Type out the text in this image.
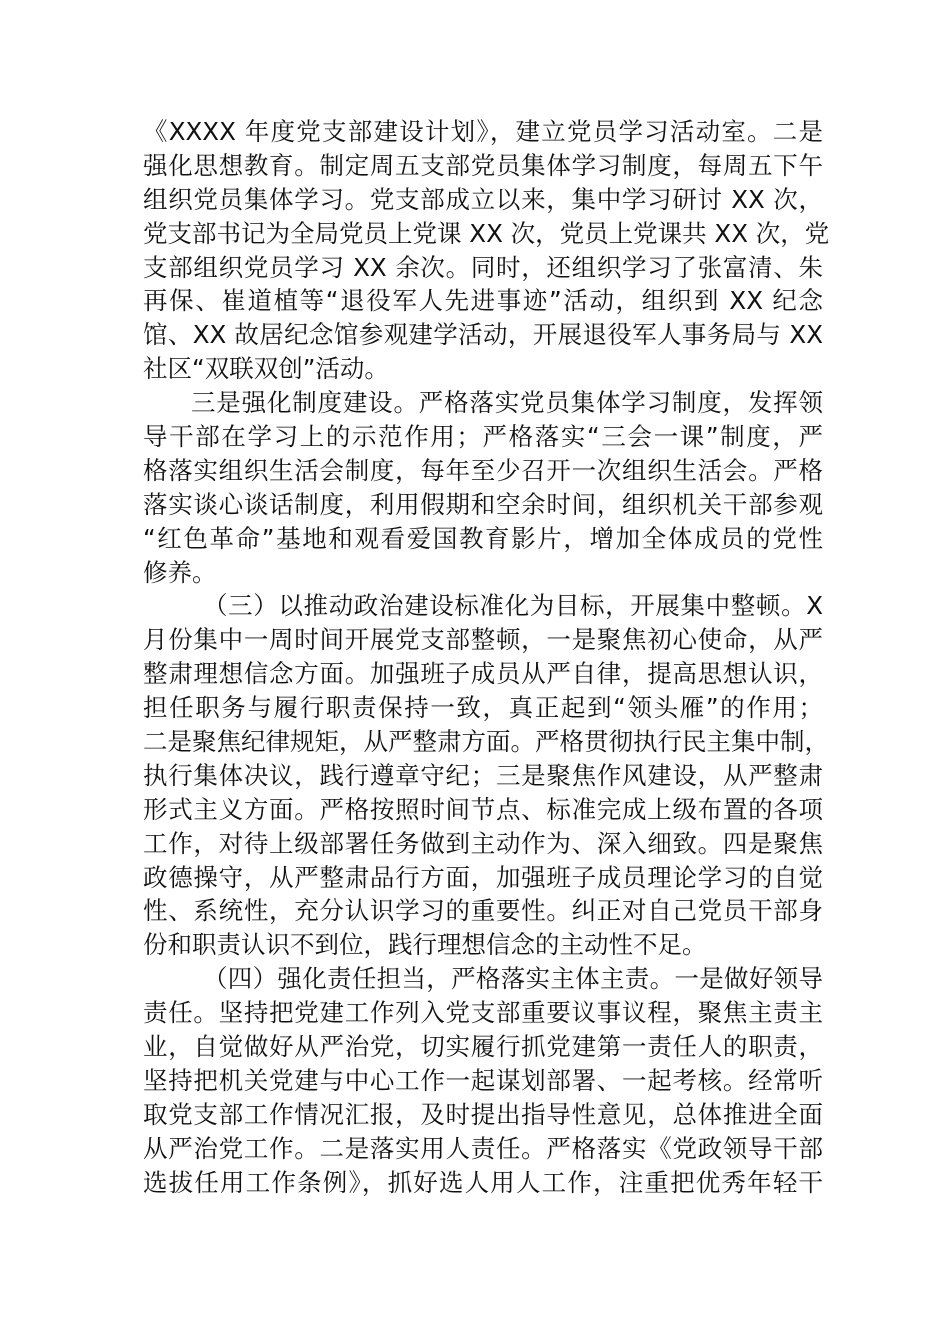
《XXXX 年度党支部建设计划》，建立党员学习活动室。二是
强化思想教育。制定周五支部党员集体学习制度，每周五下午
组织党员集体学习。党支部成立以来，集中学习研讨 XX 次，
党支部书记为全局党员上党课 XX 次，党员上党课共 XX 次，党
支部组织党员学习 XX 余次。同时，还组织学习了张富清、朱
再保、崔道植等“退役军人先进事迹”活动，组织到 XX 纪念
馆、XX 故居纪念馆参观建学活动，开展退役军人事务局与 XX
社区“双联双创”活动。
三是强化制度建设。严格落实党员集体学习制度，发挥领
导干部在学习上的示范作用；严格落实“三会一课”制度，严
格落实组织生活会制度，每年至少召开一次组织生活会。严格
落实谈心谈话制度，利用假期和空余时间，组织机关干部参观
“红色革命”基地和观看爱国教育影片，增加全体成员的党性
修养。
（三）以推动政治建设标准化为目标，开展集中整顿。X
月份集中一周时间开展党支部整顿，一是聚焦初心使命，从严
整肃理想信念方面。加强班子成员从严自律，提高思想认识，
担任职务与履行职责保持一致，真正起到“领头雁”的作用；
二是聚焦纪律规矩，从严整肃方面。严格贯彻执行民主集中制，
执行集体决议，践行遵章守纪；三是聚焦作风建设，从严整肃
形式主义方面。严格按照时间节点、标准完成上级布置的各项
工作，对待上级部署任务做到主动作为、深入细致。四是聚焦
政德操守，从严整肃品行方面，加强班子成员理论学习的自觉
性、系统性，充分认识学习的重要性。纠正对自己党员干部身
份和职责认识不到位，践行理想信念的主动性不足。
（四）强化责任担当，严格落实主体主责。一是做好领导
责任。坚持把党建工作列入党支部重要议事议程，聚焦主责主
业，自觉做好从严治党，切实履行抓党建第一责任人的职责，
坚持把机关党建与中心工作一起谋划部署、一起考核。经常听
取党支部工作情况汇报，及时提出指导性意见，总体推进全面
从严治党工作。二是落实用人责任。严格落实《党政领导干部
选拔任用工作条例》，抓好选人用人工作，注重把优秀年轻干
